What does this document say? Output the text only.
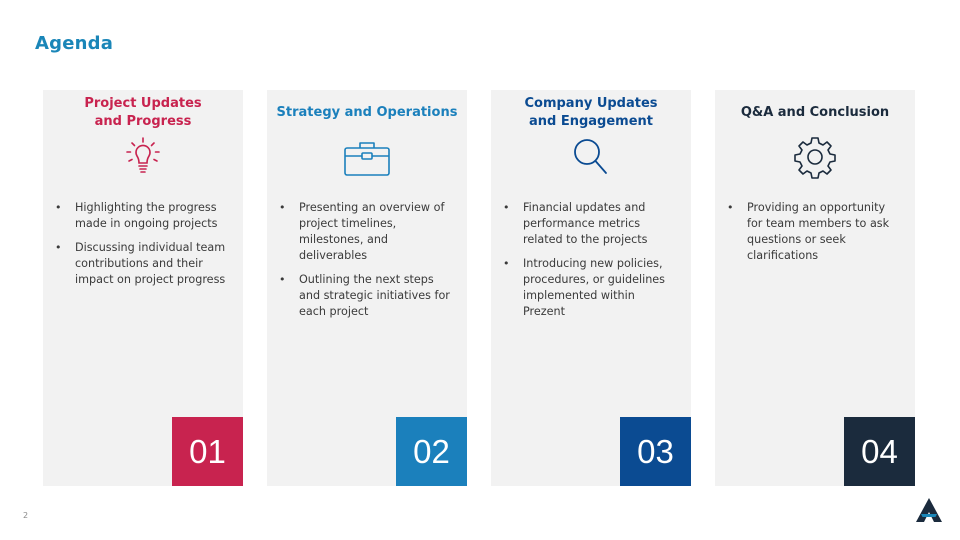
Agenda
Project Updates
and Progress
• Highlighting the progress made in ongoing projects
• Discussing individual team contributions and their impact on project progress
01
Strategy and Operations
• Presenting an overview of project timelines, milestones, and deliverables
• Outlining the next steps and strategic initiatives for each project
02
Company Updates
and Engagement
• Financial updates and performance metrics related to the projects
• Introducing new policies, procedures, or guidelines implemented within Prezent
03
Q&A and Conclusion
• Providing an opportunity for team members to ask questions or seek clarifications
04
2
